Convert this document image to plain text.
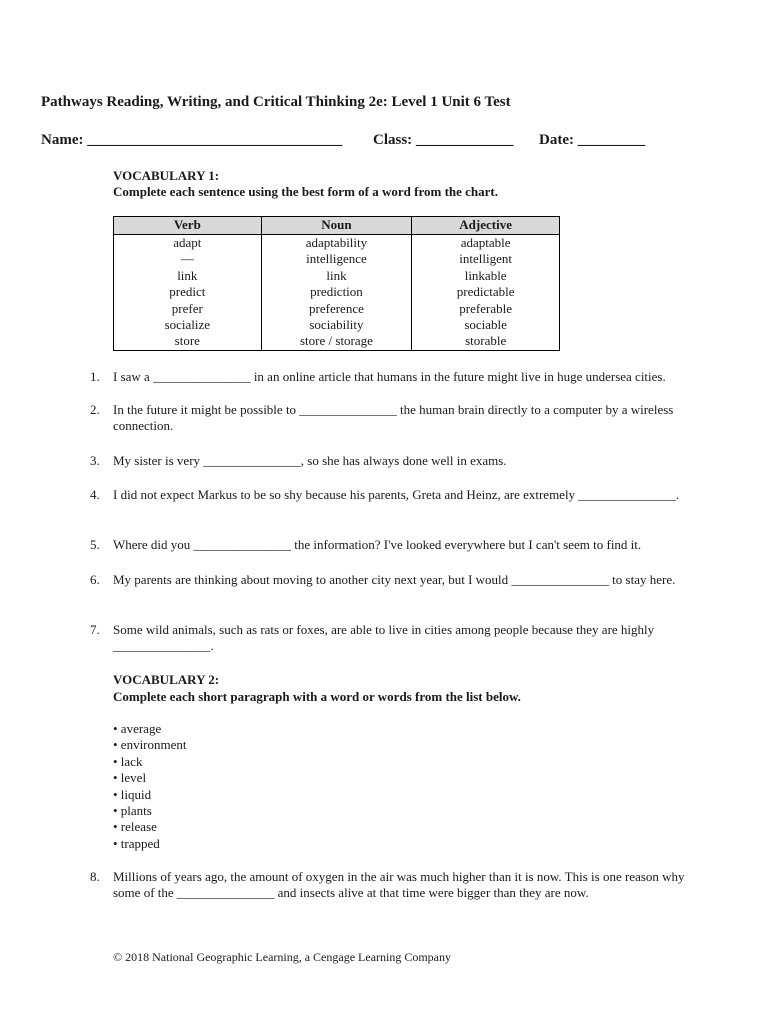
Pathways Reading, Writing, and Critical Thinking 2e: Level 1 Unit 6 Test
Name: __________________________________ Class: _____________ Date: _________
VOCABULARY 1:
Complete each sentence using the best form of a word from the chart.
Verb	Noun	Adjective
adapt	adaptability	adaptable
—	intelligence	intelligent
link	link	linkable
predict	prediction	predictable
prefer	preference	preferable
socialize	sociability	sociable
store	store / storage	storable
1. I saw a _______________ in an online article that humans in the future might live in huge undersea cities.
2. In the future it might be possible to _______________ the human brain directly to a computer by a wireless connection.
3. My sister is very _______________, so she has always done well in exams.
4. I did not expect Markus to be so shy because his parents, Greta and Heinz, are extremely _______________.
5. Where did you _______________ the information? I've looked everywhere but I can't seem to find it.
6. My parents are thinking about moving to another city next year, but I would _______________ to stay here.
7. Some wild animals, such as rats or foxes, are able to live in cities among people because they are highly _______________.
VOCABULARY 2:
Complete each short paragraph with a word or words from the list below.
• average
• environment
• lack
• level
• liquid
• plants
• release
• trapped
8. Millions of years ago, the amount of oxygen in the air was much higher than it is now. This is one reason why some of the _______________ and insects alive at that time were bigger than they are now.
© 2018 National Geographic Learning, a Cengage Learning Company
